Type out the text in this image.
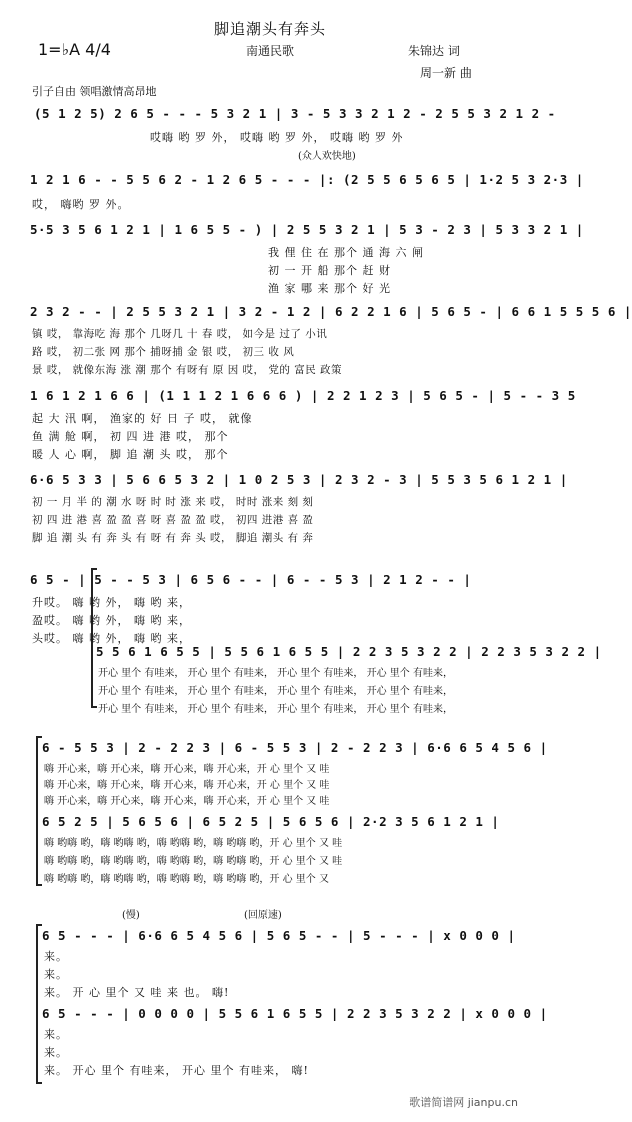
脚追潮头有奔头
南通民歌
1=♭A 4/4	朱锦达 词
周一新 曲
引子自由 领唱激情高昂地
(5 1 2 5) 2 6 5 - - - 5 3 2 1 | 3 - 5 3 3 2 1 2 - 2 5 5 3 2 1 2 -
哎嗨 哟 罗 外， 哎嗨 哟 罗 外， 哎嗨 哟 罗 外
(众人欢快地)
1 2 1 6 - - 5 5 6 2 - 1 2 6 5 - - - |: (2 5 5 6 5 6 5 | 1·2 5 3 2·3 |
哎， 嗨哟 罗 外。
5·5 3 5 6 1 2 1 | 1 6 5 5 - ) | 2 5 5 3 2 1 | 5 3 - 2 3 | 5 3 3 2 1 |
我 俚 住 在 那个 通 海 六 闸
初 一 开 船 那个 赶 财
渔 家 哪 来 那个 好 光
2 3 2 - - | 2 5 5 3 2 1 | 3 2 - 1 2 | 6 2 2 1 6 | 5 6 5 - | 6 6 1 5 5 5 6 |
镇 哎， 靠海吃 海 那个 几呀几 十 春 哎， 如今是 过了 小讯
路 哎， 初二张 网 那个 捕呀捕 金 银 哎， 初三 收 风
景 哎， 就像东海 涨 潮 那个 有呀有 原 因 哎， 党的 富民 政策
1 6 1 2 1 6 6 | (1 1 1 2 1 6 6 6 ) | 2 2 1 2 3 | 5 6 5 - | 5 - - 3 5
起 大 汛 啊， 渔家的 好 日 子 哎， 就像
鱼 满 舱 啊， 初 四 进 港 哎， 那个
暖 人 心 啊， 脚 追 潮 头 哎， 那个
6·6 5 3 3 | 5 6 6 5 3 2 | 1 0 2 5 3 | 2 3 2 - 3 | 5 5 3 5 6 1 2 1 |
初 一 月 半 的 潮 水 呀 时 时 涨 来 哎， 时时 涨来 刻 刻
初 四 进 港 喜 盈 盈 喜 呀 喜 盈 盈 哎， 初四 进港 喜 盈
脚 追 潮 头 有 奔 头 有 呀 有 奔 头 哎， 脚追 潮头 有 奔
6 5 - | 5 - - 5 3 | 6 5 6 - - | 6 - - 5 3 | 2 1 2 - - |
升哎。 嗨 哟 外， 嗨 哟 来，
盈哎。 嗨 哟 外， 嗨 哟 来，
头哎。 嗨 哟 外， 嗨 哟 来，
5 5 6 1 6 5 5 | 5 5 6 1 6 5 5 | 2 2 3 5 3 2 2 | 2 2 3 5 3 2 2 |
开心 里个 有哇来， 开心 里个 有哇来， 开心 里个 有哇来， 开心 里个 有哇来，
开心 里个 有哇来， 开心 里个 有哇来， 开心 里个 有哇来， 开心 里个 有哇来，
开心 里个 有哇来， 开心 里个 有哇来， 开心 里个 有哇来， 开心 里个 有哇来，
6 - 5 5 3 | 2 - 2 2 3 | 6 - 5 5 3 | 2 - 2 2 3 | 6·6 6 5 4 5 6 |
嗨 开心来，嗨 开心来，嗨 开心来，嗨 开心来，开 心 里个 又 哇
嗨 开心来，嗨 开心来，嗨 开心来，嗨 开心来，开 心 里个 又 哇
嗨 开心来，嗨 开心来，嗨 开心来，嗨 开心来，开 心 里个 又 哇
6 5 2 5 | 5 6 5 6 | 6 5 2 5 | 5 6 5 6 | 2·2 3 5 6 1 2 1 |
嗨 哟嗨 哟，嗨 哟嗨 哟，嗨 哟嗨 哟，嗨 哟嗨 哟，开 心 里个 又 哇
嗨 哟嗨 哟，嗨 哟嗨 哟，嗨 哟嗨 哟，嗨 哟嗨 哟，开 心 里个 又 哇
嗨 哟嗨 哟，嗨 哟嗨 哟，嗨 哟嗨 哟，嗨 哟嗨 哟，开 心 里个 又
(慢)	(回原速)
6 5 - - - | 6·6 6 5 4 5 6 | 5 6 5 - - | 5 - - - | x 0 0 0 |
来。
来。
来。 开 心 里个 又 哇 来 也。 嗨!
6 5 - - - | 0 0 0 0 | 5 5 6 1 6 5 5 | 2 2 3 5 3 2 2 | x 0 0 0 |
来。
来。
来。 开心 里个 有哇来， 开心 里个 有哇来， 嗨!
歌谱简谱网 jianpu.cn
